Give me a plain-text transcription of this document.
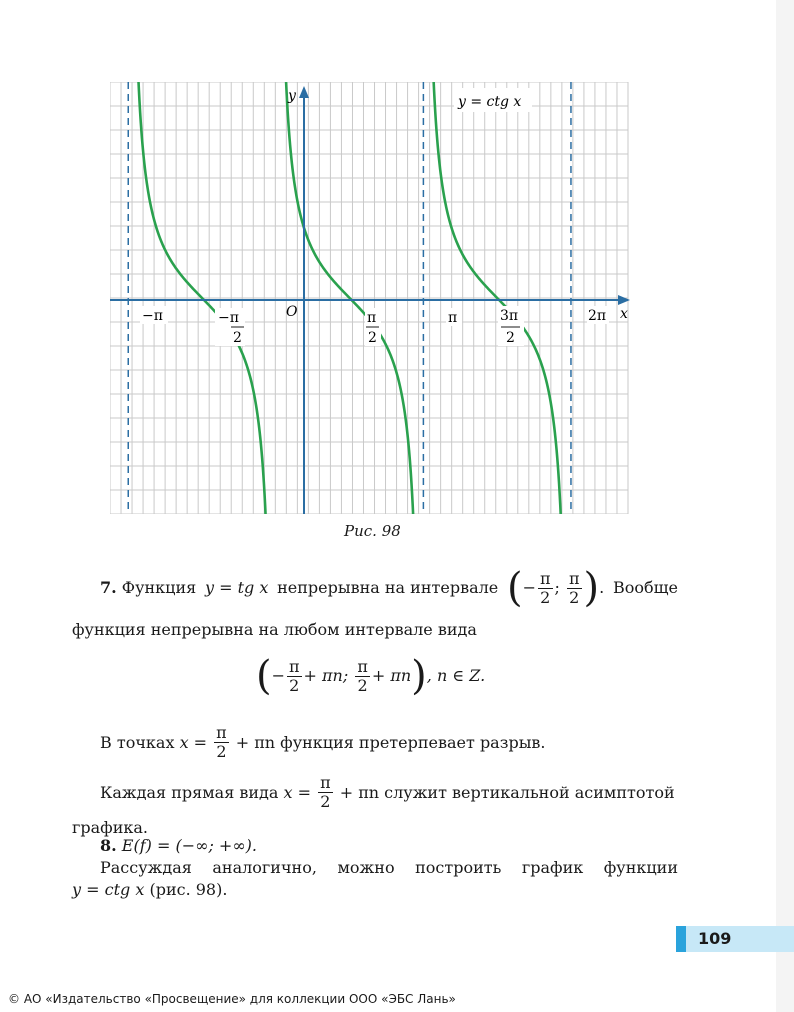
x
y
O
y = ctg x
−π	−π
2
π
2
π	3π
2
2π
Рис. 98
7. Функция y = tg x непрерывна на интервале ( − $\frac{\pi}{2}$ ; $\frac{\pi}{2}$ ) . Вообще
функция непрерывна на любом интервале вида
( − $\frac{\pi}{2} + \pi n$;
$\frac{\pi}{2} + \pi n$ ) , n ∈ Z.
В точках
x =
$\frac{\pi}{2}$
+ πn функция претерпевает разрыв.
Каждая прямая вида
x =
$\frac{\pi}{2}$
+ πn служит вертикальной асимптотой
графика.
8. E(f) = (−∞; +∞).
Рассуждая аналогично, можно построить график функции
y = ctg x (рис. 98).
109
© АО «Издательство «Просвещение» для коллекции ООО «ЭБС Лань»
